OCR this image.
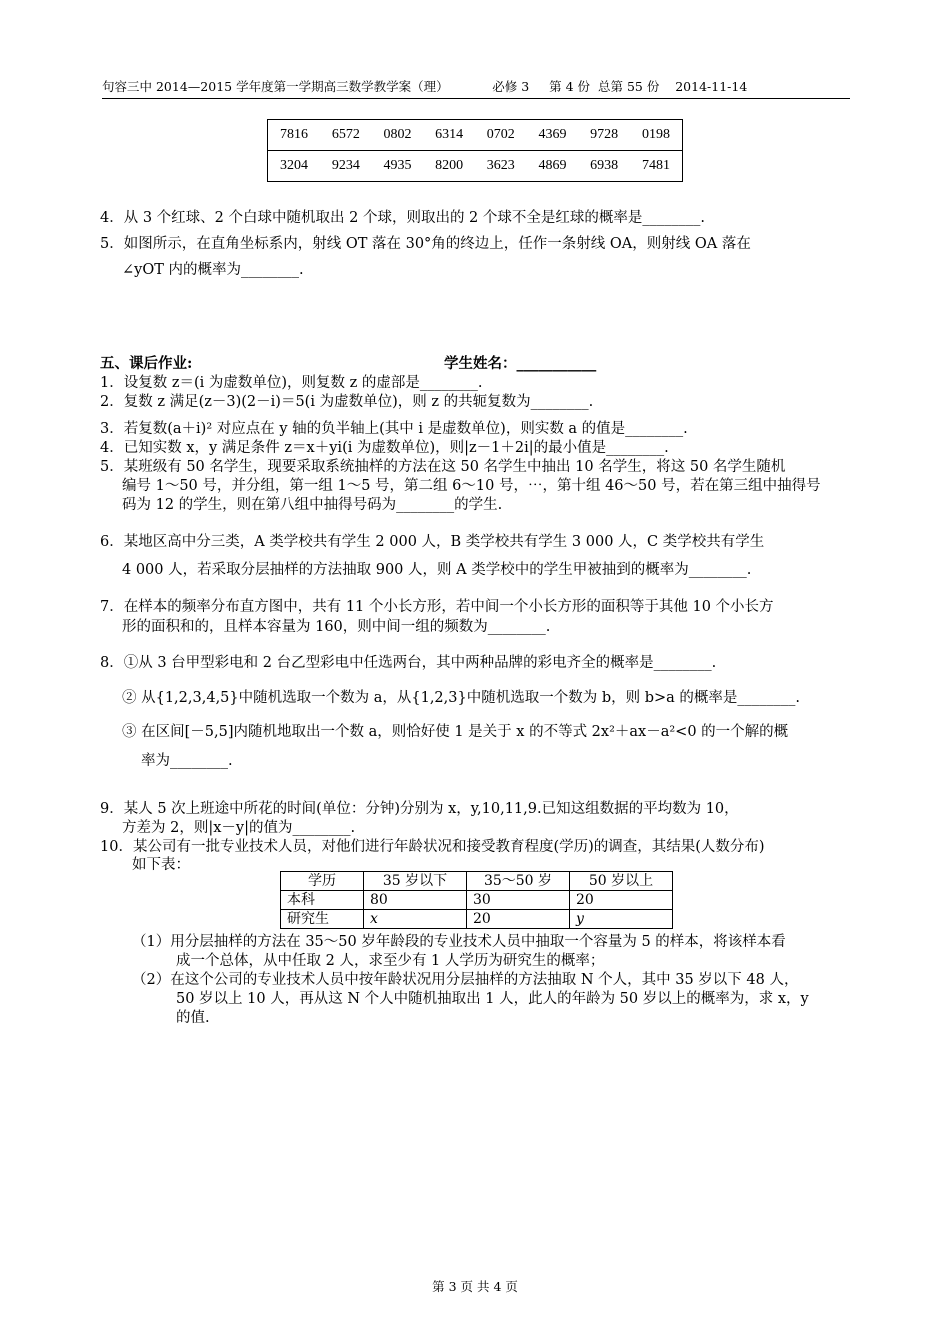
句容三中 2014—2015 学年度第一学期高三数学教学案（理）	必修 3 第 4 份 总第 55 份 2014-11-14
7816	6572	0802	6314	0702	4369	9728	0198
3204	9234	4935	8200	3623	4869	6938	7481
4．从 3 个红球、2 个白球中随机取出 2 个球，则取出的 2 个球不全是红球的概率是________.
5．如图所示，在直角坐标系内，射线 OT 落在 30°角的终边上，任作一条射线 OA，则射线 OA 落在
∠yOT 内的概率为________.
五、课后作业:	学生姓名：___________
1．设复数 z＝(i 为虚数单位)，则复数 z 的虚部是________.
2．复数 z 满足(z－3)(2－i)＝5(i 为虚数单位)，则 z 的共轭复数为________.
3．若复数(a＋i)² 对应点在 y 轴的负半轴上(其中 i 是虚数单位)，则实数 a 的值是________.
4．已知实数 x，y 满足条件 z＝x＋yi(i 为虚数单位)，则|z－1＋2i|的最小值是________.
5．某班级有 50 名学生，现要采取系统抽样的方法在这 50 名学生中抽出 10 名学生，将这 50 名学生随机
编号 1～50 号，并分组，第一组 1～5 号，第二组 6～10 号，⋯，第十组 46～50 号，若在第三组中抽得号
码为 12 的学生，则在第八组中抽得号码为________的学生.
6．某地区高中分三类，A 类学校共有学生 2 000 人，B 类学校共有学生 3 000 人，C 类学校共有学生
4 000 人，若采取分层抽样的方法抽取 900 人，则 A 类学校中的学生甲被抽到的概率为________.
7．在样本的频率分布直方图中，共有 11 个小长方形，若中间一个小长方形的面积等于其他 10 个小长方
形的面积和的，且样本容量为 160，则中间一组的频数为________.
8．①从 3 台甲型彩电和 2 台乙型彩电中任选两台，其中两种品牌的彩电齐全的概率是________.
② 从{1,2,3,4,5}中随机选取一个数为 a，从{1,2,3}中随机选取一个数为 b，则 b>a 的概率是________.
③ 在区间[－5,5]内随机地取出一个数 a，则恰好使 1 是关于 x 的不等式 2x²＋ax－a²<0 的一个解的概
率为________.
9．某人 5 次上班途中所花的时间(单位：分钟)分别为 x，y,10,11,9.已知这组数据的平均数为 10，
方差为 2，则|x－y|的值为________.
10．某公司有一批专业技术人员，对他们进行年龄状况和接受教育程度(学历)的调查，其结果(人数分布)
如下表：
学历	35 岁以下	35～50 岁	50 岁以上
本科	80	30	20
研究生	x	20	y
（1）用分层抽样的方法在 35～50 岁年龄段的专业技术人员中抽取一个容量为 5 的样本，将该样本看
成一个总体，从中任取 2 人，求至少有 1 人学历为研究生的概率；
（2）在这个公司的专业技术人员中按年龄状况用分层抽样的方法抽取 N 个人，其中 35 岁以下 48 人，
50 岁以上 10 人，再从这 N 个人中随机抽取出 1 人，此人的年龄为 50 岁以上的概率为，求 x，y
的值.
第 3 页 共 4 页
